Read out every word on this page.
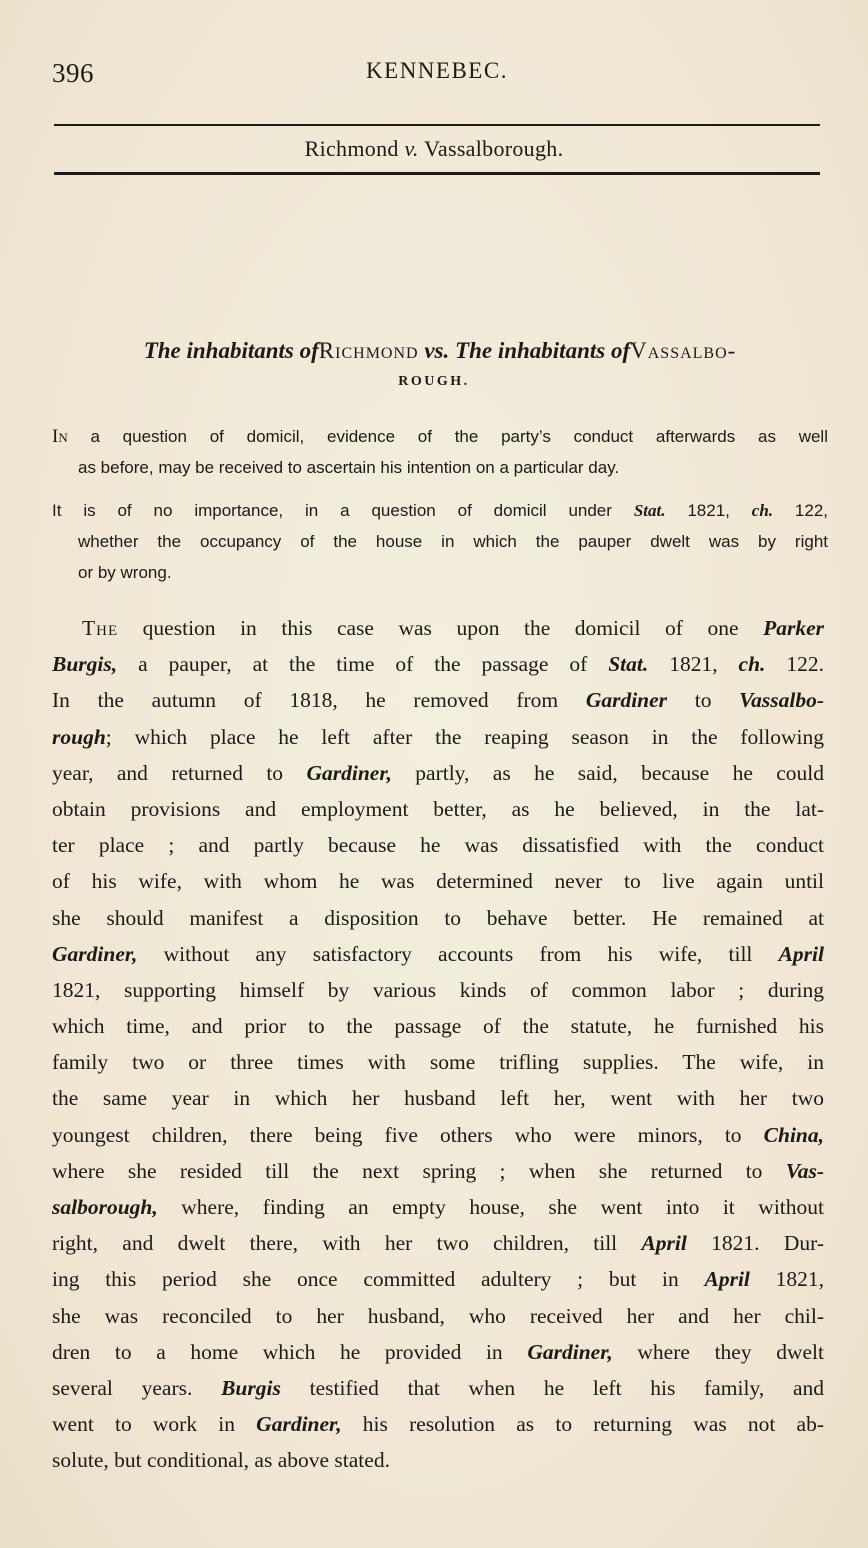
396	KENNEBEC.
Richmond v. Vassalborough.
The inhabitants ofRichmond vs. The inhabitants ofVassalbo-
ROUGH.
In a question of domicil, evidence of the party’s conduct afterwards as well
as before, may be received to ascertain his intention on a particular day.
It is of no importance, in a question of domicil under Stat. 1821, ch. 122,
whether the occupancy of the house in which the pauper dwelt was by right
or by wrong.
The question in this case was upon the domicil of one Parker
Burgis, a pauper, at the time of the passage of Stat. 1821, ch. 122.
In the autumn of 1818, he removed from Gardiner to Vassalbo-
rough; which place he left after the reaping season in the following
year, and returned to Gardiner, partly, as he said, because he could
obtain provisions and employment better, as he believed, in the lat-
ter place ; and partly because he was dissatisfied with the conduct
of his wife, with whom he was determined never to live again until
she should manifest a disposition to behave better. He remained at
Gardiner, without any satisfactory accounts from his wife, till April
1821, supporting himself by various kinds of common labor ; during
which time, and prior to the passage of the statute, he furnished his
family two or three times with some trifling supplies. The wife, in
the same year in which her husband left her, went with her two
youngest children, there being five others who were minors, to China,
where she resided till the next spring ; when she returned to Vas-
salborough, where, finding an empty house, she went into it without
right, and dwelt there, with her two children, till April 1821. Dur-
ing this period she once committed adultery ; but in April 1821,
she was reconciled to her husband, who received her and her chil-
dren to a home which he provided in Gardiner, where they dwelt
several years. Burgis testified that when he left his family, and
went to work in Gardiner, his resolution as to returning was not ab-
solute, but conditional, as above stated.
